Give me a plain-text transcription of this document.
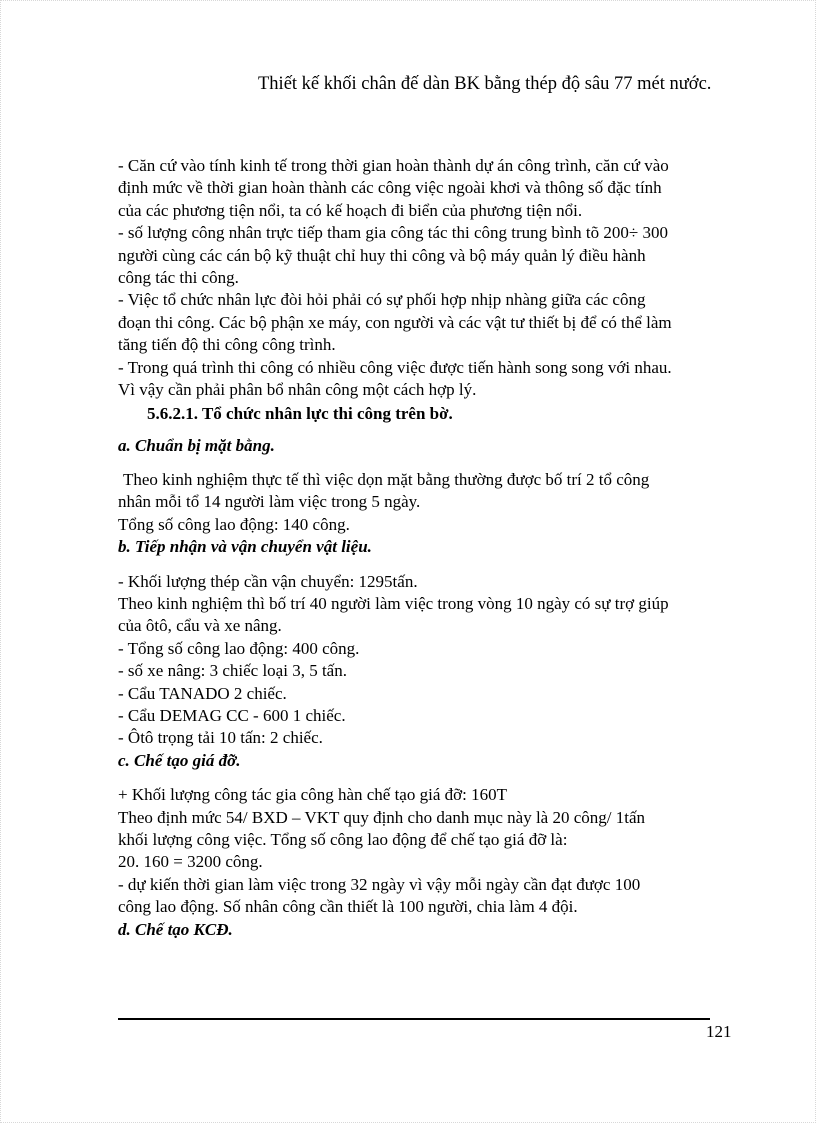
Thiết kế khối chân đế dàn BK bằng thép độ sâu 77 mét nước.
- Căn cứ vào tính kinh tế trong thời gian hoàn thành dự án công trình, căn cứ vào
định mức về thời gian hoàn thành các công việc ngoài khơi và thông số đặc tính
của các phương tiện nổi, ta có kế hoạch đi biển của phương tiện nổi.
- số lượng công nhân trực tiếp tham gia công tác thi công trung bình tõ 200÷ 300
người cùng các cán bộ kỹ thuật chỉ huy thi công và bộ máy quản lý điều hành
công tác thi công.
- Việc tổ chức nhân lực đòi hỏi phải có sự phối hợp nhịp nhàng giữa các công
đoạn thi công. Các bộ phận xe máy, con người và các vật tư thiết bị để có thể làm
tăng tiến độ thi công công trình.
- Trong quá trình thi công có nhiều công việc được tiến hành song song với nhau.
Vì vậy cần phải phân bổ nhân công một cách hợp lý.
5.6.2.1. Tổ chức nhân lực thi công trên bờ.
a. Chuẩn bị mặt bằng.
Theo kinh nghiệm thực tế thì việc dọn mặt bằng thường được bố trí 2 tổ công
nhân mỗi tổ 14 người làm việc trong 5 ngày.
Tổng số công lao động: 140 công.
b. Tiếp nhận và vận chuyển vật liệu.
- Khối lượng thép cần vận chuyển: 1295tấn.
Theo kinh nghiệm thì bố trí 40 người làm việc trong vòng 10 ngày có sự trợ giúp
của ôtô, cẩu và xe nâng.
- Tổng số công lao động: 400 công.
- số xe nâng: 3 chiếc loại 3, 5 tấn.
- Cẩu TANADO 2 chiếc.
- Cẩu DEMAG CC - 600 1 chiếc.
- Ôtô trọng tải 10 tấn: 2 chiếc.
c. Chế tạo giá đỡ.
+ Khối lượng công tác gia công hàn chế tạo giá đỡ: 160T
Theo định mức 54/ BXD – VKT quy định cho danh mục này là 20 công/ 1tấn
khối lượng công việc. Tổng số công lao động để chế tạo giá đỡ là:
20. 160 = 3200 công.
- dự kiến thời gian làm việc trong 32 ngày vì vậy mỗi ngày cần đạt được 100
công lao động. Số nhân công cần thiết là 100 người, chia làm 4 đội.
d. Chế tạo KCĐ.
121
